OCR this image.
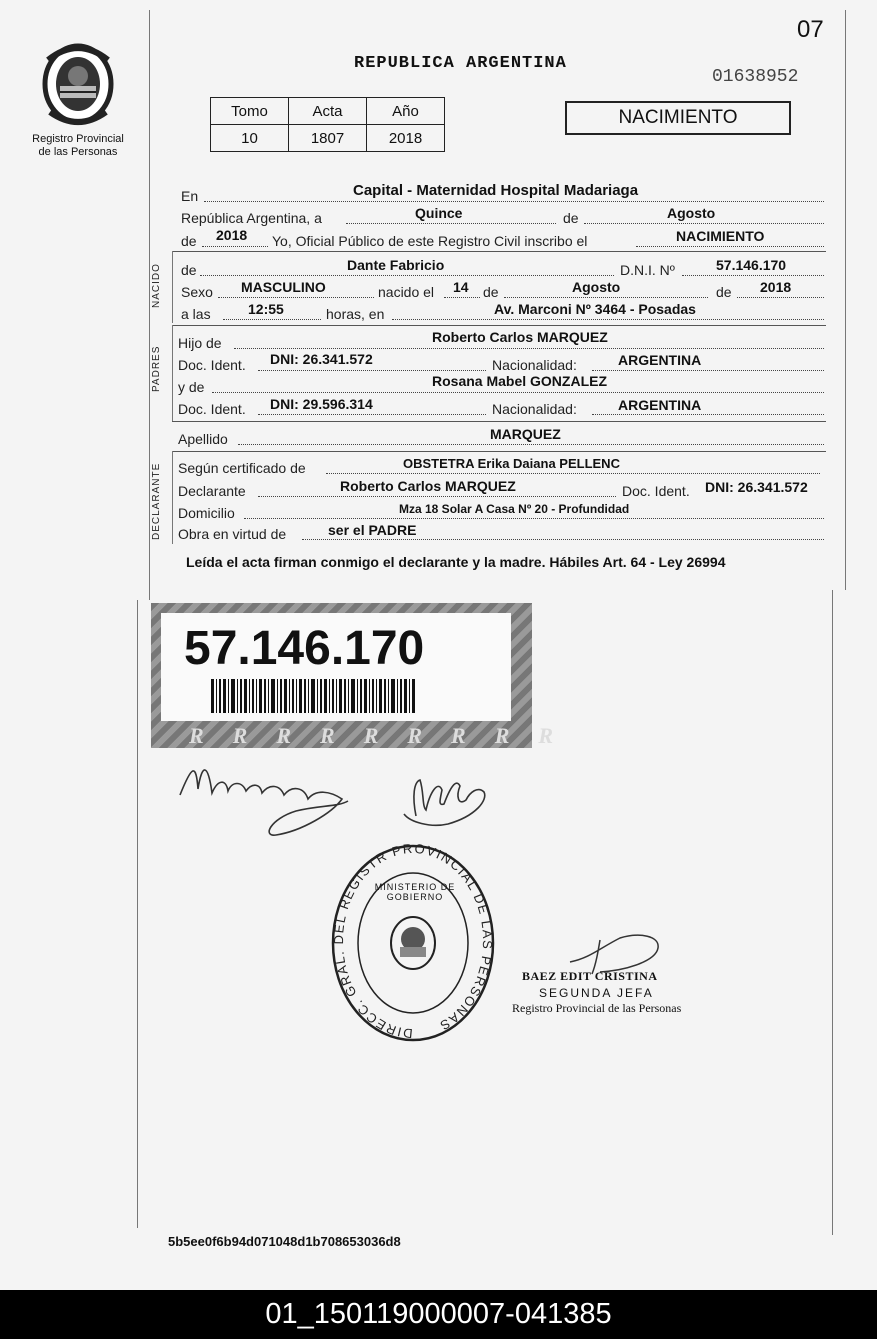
Registro Provincial
de las Personas
07
REPUBLICA ARGENTINA
01638952
Tomo	Acta	Año
10	1807	2018
NACIMIENTO
En	Capital - Maternidad Hospital Madariaga
República Argentina, a	Quince	de	Agosto
de 2018 Yo, Oficial Público de este Registro Civil inscribo el	NACIMIENTO
NACIDO de	Dante Fabricio	D.N.I. Nº	57.146.170
Sexo MASCULINO	nacido el 14 de	Agosto	de 2018
a las	12:55	horas, en	Av. Marconi Nº 3464 - Posadas
PADRES
Hijo de	Roberto Carlos MARQUEZ
Doc. Ident. DNI: 26.341.572	Nacionalidad:	ARGENTINA
y de	Rosana Mabel GONZALEZ
Doc. Ident. DNI: 29.596.314	Nacionalidad:	ARGENTINA
Apellido	MARQUEZ
DECLARANTE Según certificado de	OBSTETRA Erika Daiana PELLENC
Declarante	Roberto Carlos MARQUEZ	Doc. Ident. DNI: 26.341.572
Domicilio	Mza 18 Solar A Casa Nº 20 - Profundidad
Obra en virtud de	ser el PADRE
Leída el acta firman conmigo el declarante y la madre. Hábiles Art. 64 - Ley 26994
RRRRRRRRR
57.146.170
DIRECC. GRAL. DEL REGISTR PROVINCIAL DE LAS PERSONAS
MINISTERIO DE GOBIERNO
BAEZ EDIT CRISTINA
SEGUNDA JEFA
Registro Provincial de las Personas
5b5ee0f6b94d071048d1b708653036d8
01_150119000007-041385
